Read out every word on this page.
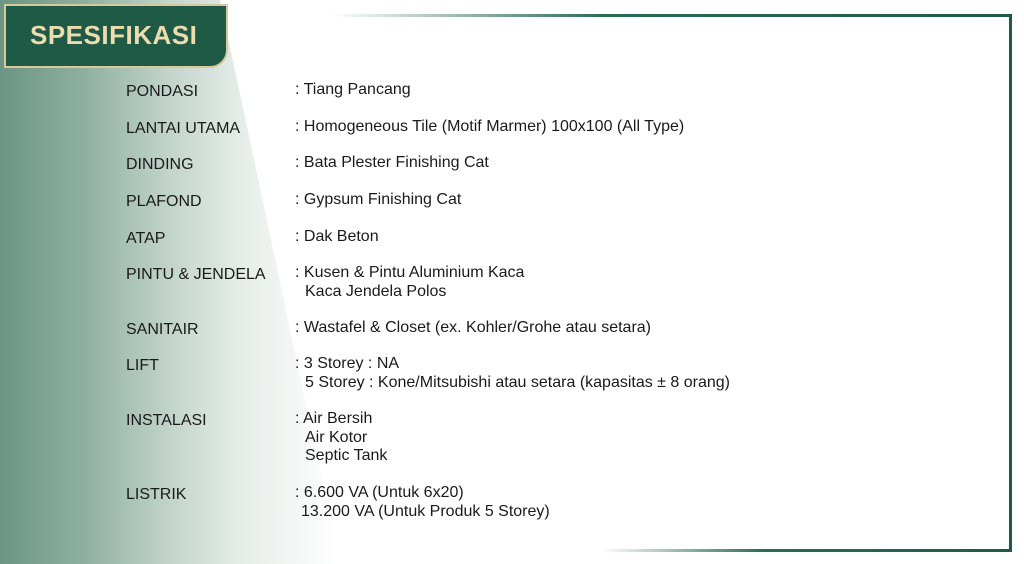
SPESIFIKASI
PONDASI	: Tiang Pancang
LANTAI UTAMA	: Homogeneous Tile (Motif Marmer) 100x100 (All Type)
DINDING	: Bata Plester Finishing Cat
PLAFOND	: Gypsum Finishing Cat
ATAP	: Dak Beton
PINTU & JENDELA : Kusen & Pintu Aluminium Kaca
Kaca Jendela Polos
SANITAIR	: Wastafel & Closet (ex. Kohler/Grohe atau setara)
LIFT	: 3 Storey : NA
5 Storey : Kone/Mitsubishi atau setara (kapasitas ± 8 orang)
INSTALASI	: Air Bersih
Air Kotor
Septic Tank
LISTRIK	: 6.600 VA (Untuk 6x20)
13.200 VA (Untuk Produk 5 Storey)
